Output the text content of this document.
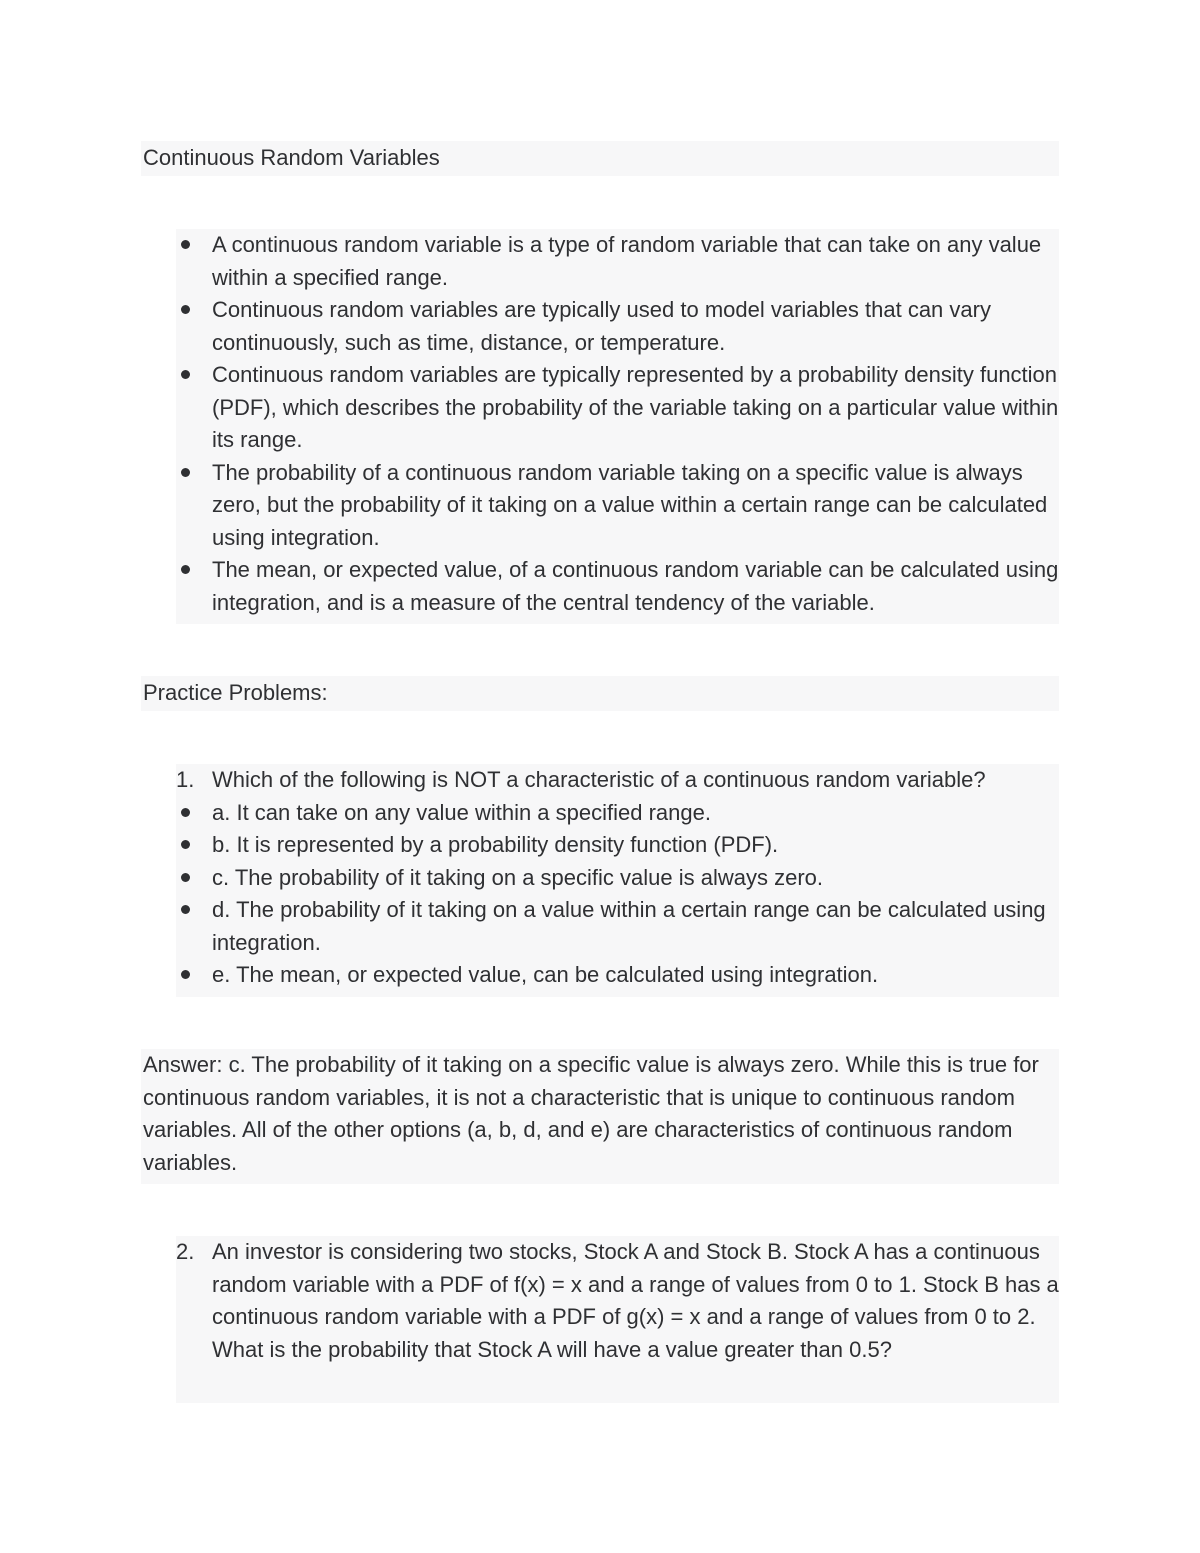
Continuous Random Variables
A continuous random variable is a type of random variable that can take on any value within a specified range.
Continuous random variables are typically used to model variables that can vary continuously, such as time, distance, or temperature.
Continuous random variables are typically represented by a probability density function (PDF), which describes the probability of the variable taking on a particular value within its range.
The probability of a continuous random variable taking on a specific value is always zero, but the probability of it taking on a value within a certain range can be calculated using integration.
The mean, or expected value, of a continuous random variable can be calculated using integration, and is a measure of the central tendency of the variable.
Practice Problems:
1. Which of the following is NOT a characteristic of a continuous random variable?
a. It can take on any value within a specified range.
b. It is represented by a probability density function (PDF).
c. The probability of it taking on a specific value is always zero.
d. The probability of it taking on a value within a certain range can be calculated using integration.
e. The mean, or expected value, can be calculated using integration.
Answer: c. The probability of it taking on a specific value is always zero. While this is true for continuous random variables, it is not a characteristic that is unique to continuous random variables. All of the other options (a, b, d, and e) are characteristics of continuous random variables.
2. An investor is considering two stocks, Stock A and Stock B. Stock A has a continuous random variable with a PDF of f(x) = x and a range of values from 0 to 1. Stock B has a continuous random variable with a PDF of g(x) = x and a range of values from 0 to 2. What is the probability that Stock A will have a value greater than 0.5?
